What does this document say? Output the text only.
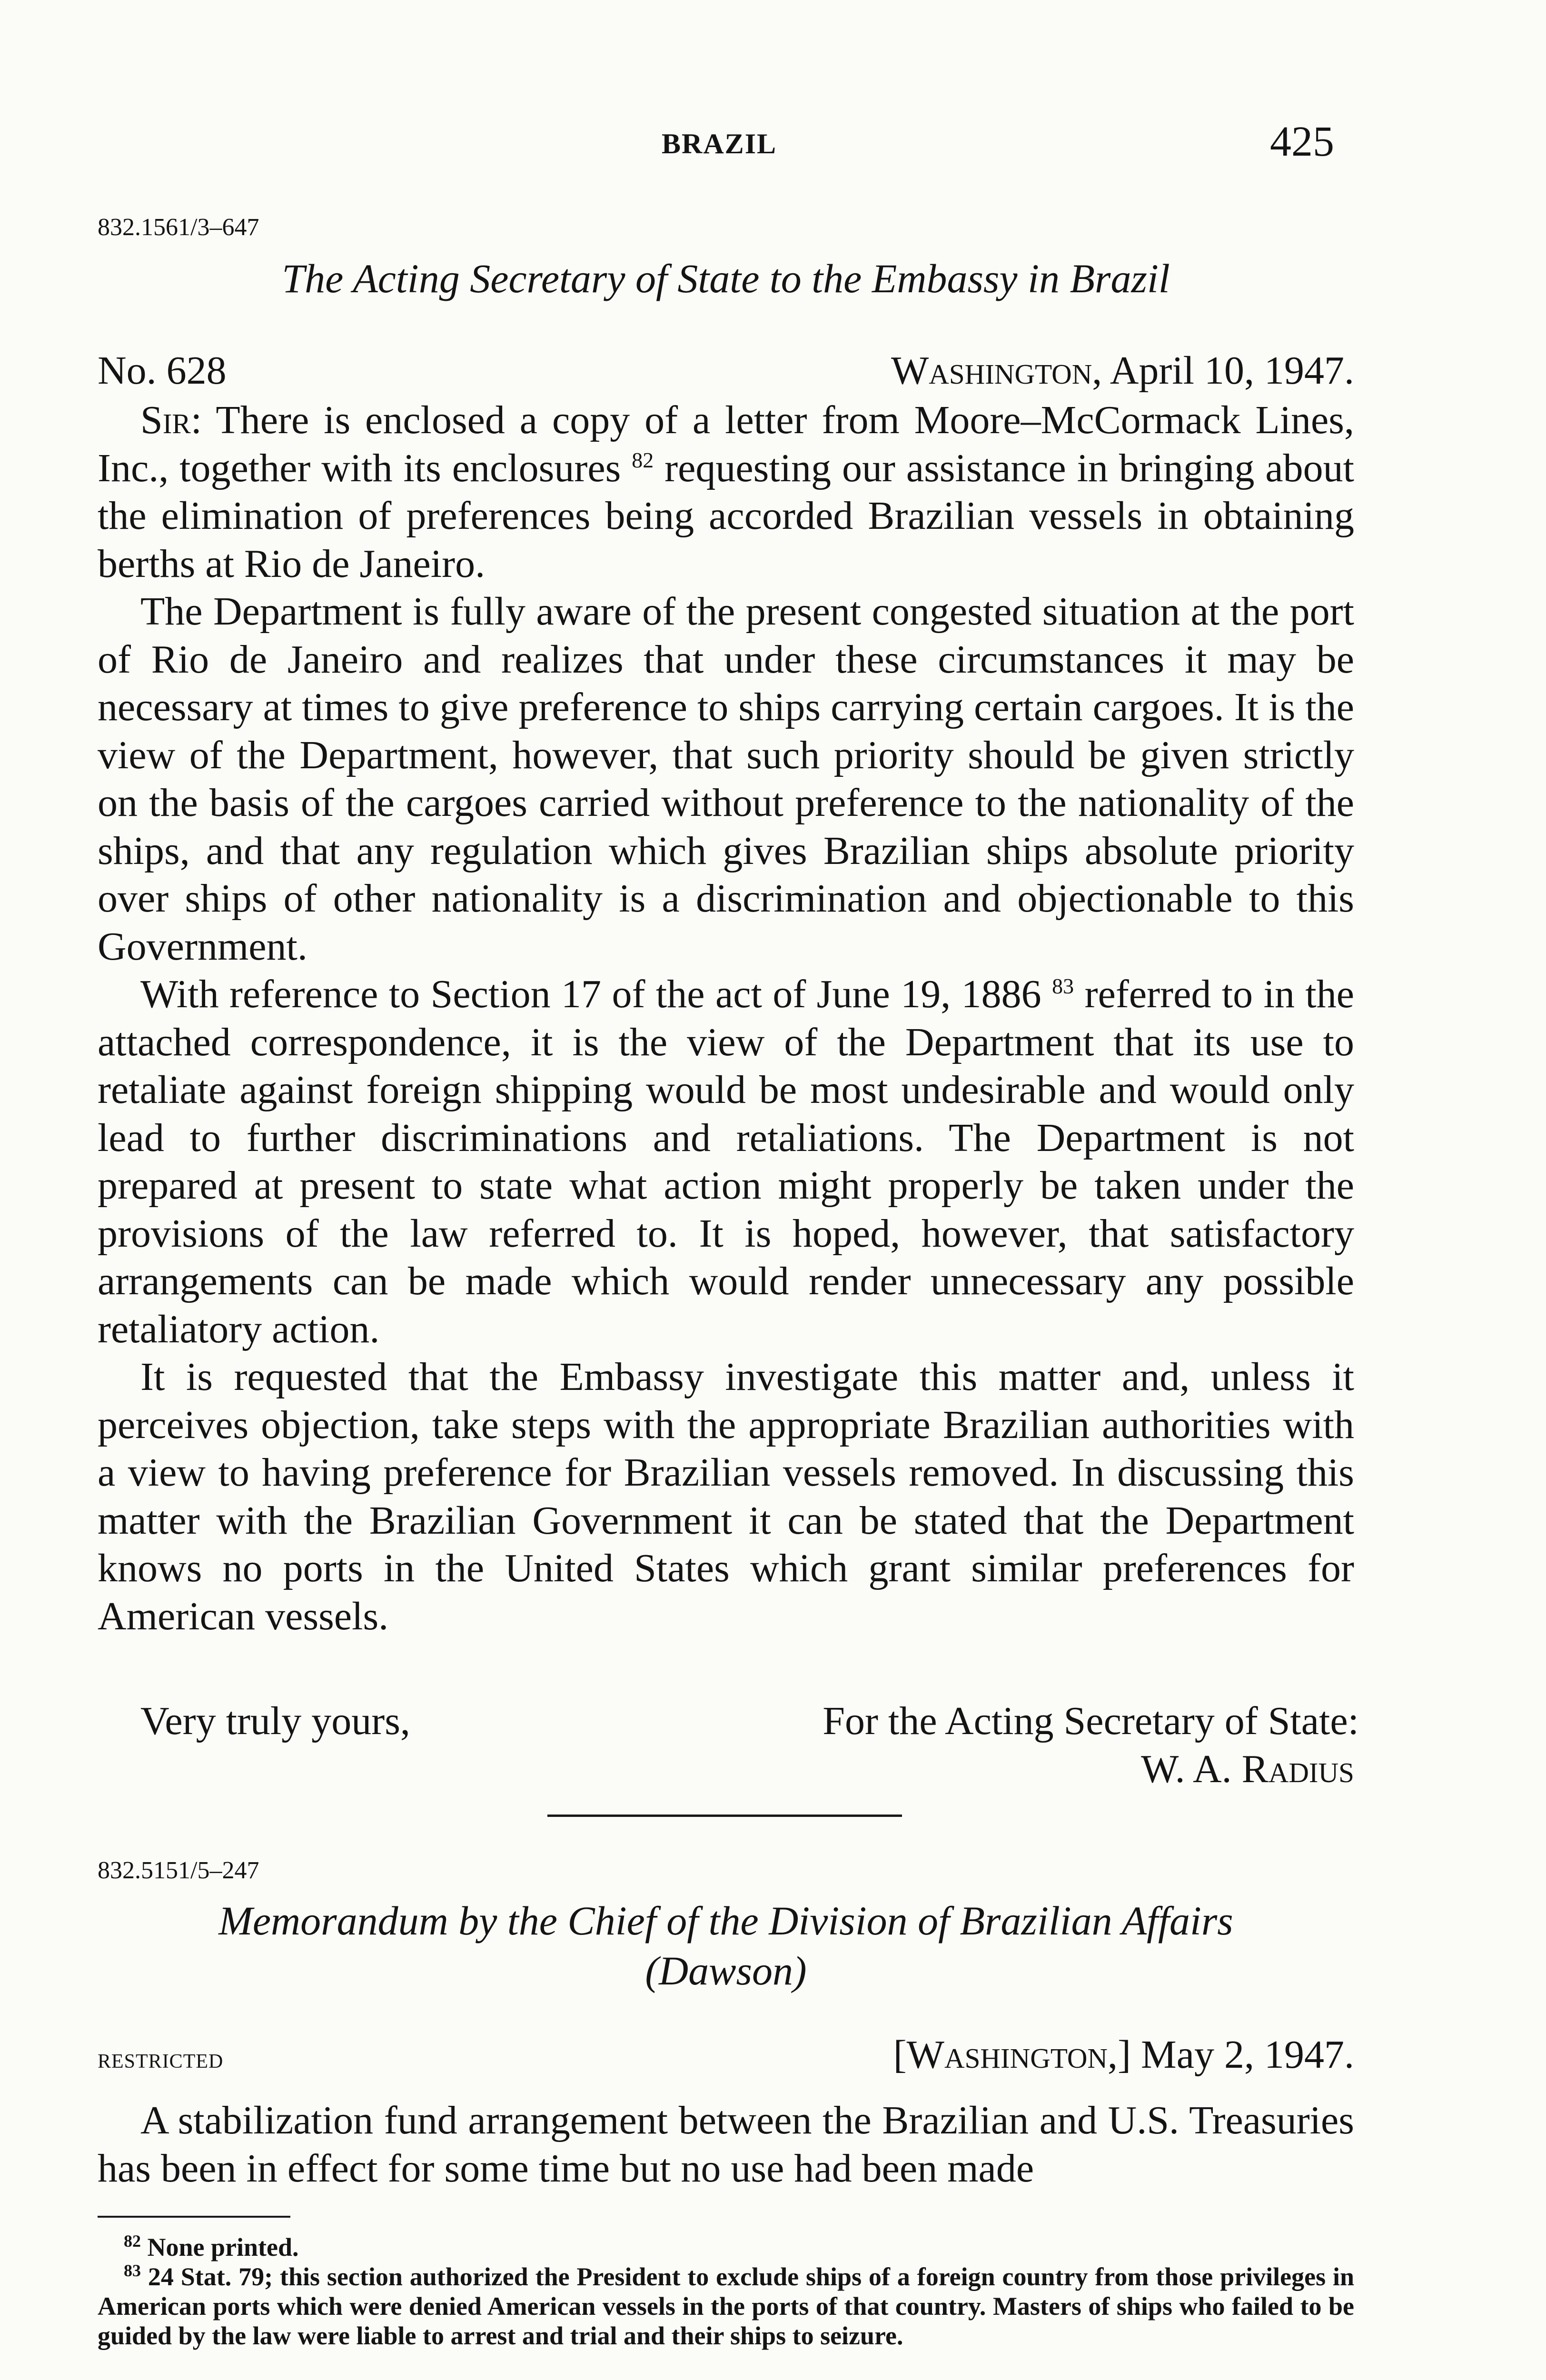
BRAZIL	425
832.1561/3–647
The Acting Secretary of State to the Embassy in Brazil
No. 628	Washington, April 10, 1947.

Sir: There is enclosed a copy of a letter from Moore–McCormack Lines, Inc., together with its enclosures $^{82}$ requesting our assistance in bringing about the elimination of preferences being accorded Brazilian vessels in obtaining berths at Rio de Janeiro.

The Department is fully aware of the present congested situation at the port of Rio de Janeiro and realizes that under these circumstances it may be necessary at times to give preference to ships carrying certain cargoes. It is the view of the Department, however, that such priority should be given strictly on the basis of the cargoes carried without preference to the nationality of the ships, and that any regulation which gives Brazilian ships absolute priority over ships of other nationality is a discrimination and objectionable to this Government.

With reference to Section 17 of the act of June 19, 1886 $^{83}$ referred to in the attached correspondence, it is the view of the Department that its use to retaliate against foreign shipping would be most undesirable and would only lead to further discriminations and retaliations. The Department is not prepared at present to state what action might properly be taken under the provisions of the law referred to. It is hoped, however, that satisfactory arrangements can be made which would render unnecessary any possible retaliatory action.

It is requested that the Embassy investigate this matter and, unless it perceives objection, take steps with the appropriate Brazilian authorities with a view to having preference for Brazilian vessels removed. In discussing this matter with the Brazilian Government it can be stated that the Department knows no ports in the United States which grant similar preferences for American vessels.

Very truly yours,	For the Acting Secretary of State:
W. A. Radius
832.5151/5–247
Memorandum by the Chief of the Division of Brazilian Affairs
(Dawson)
restricted	[Washington,] May 2, 1947.

A stabilization fund arrangement between the Brazilian and U.S. Treasuries has been in effect for some time but no use had been made

$^{82}$ None printed.

$^{83}$ 24 Stat. 79; this section authorized the President to exclude ships of a foreign country from those privileges in American ports which were denied American vessels in the ports of that country. Masters of ships who failed to be guided by the law were liable to arrest and trial and their ships to seizure.
